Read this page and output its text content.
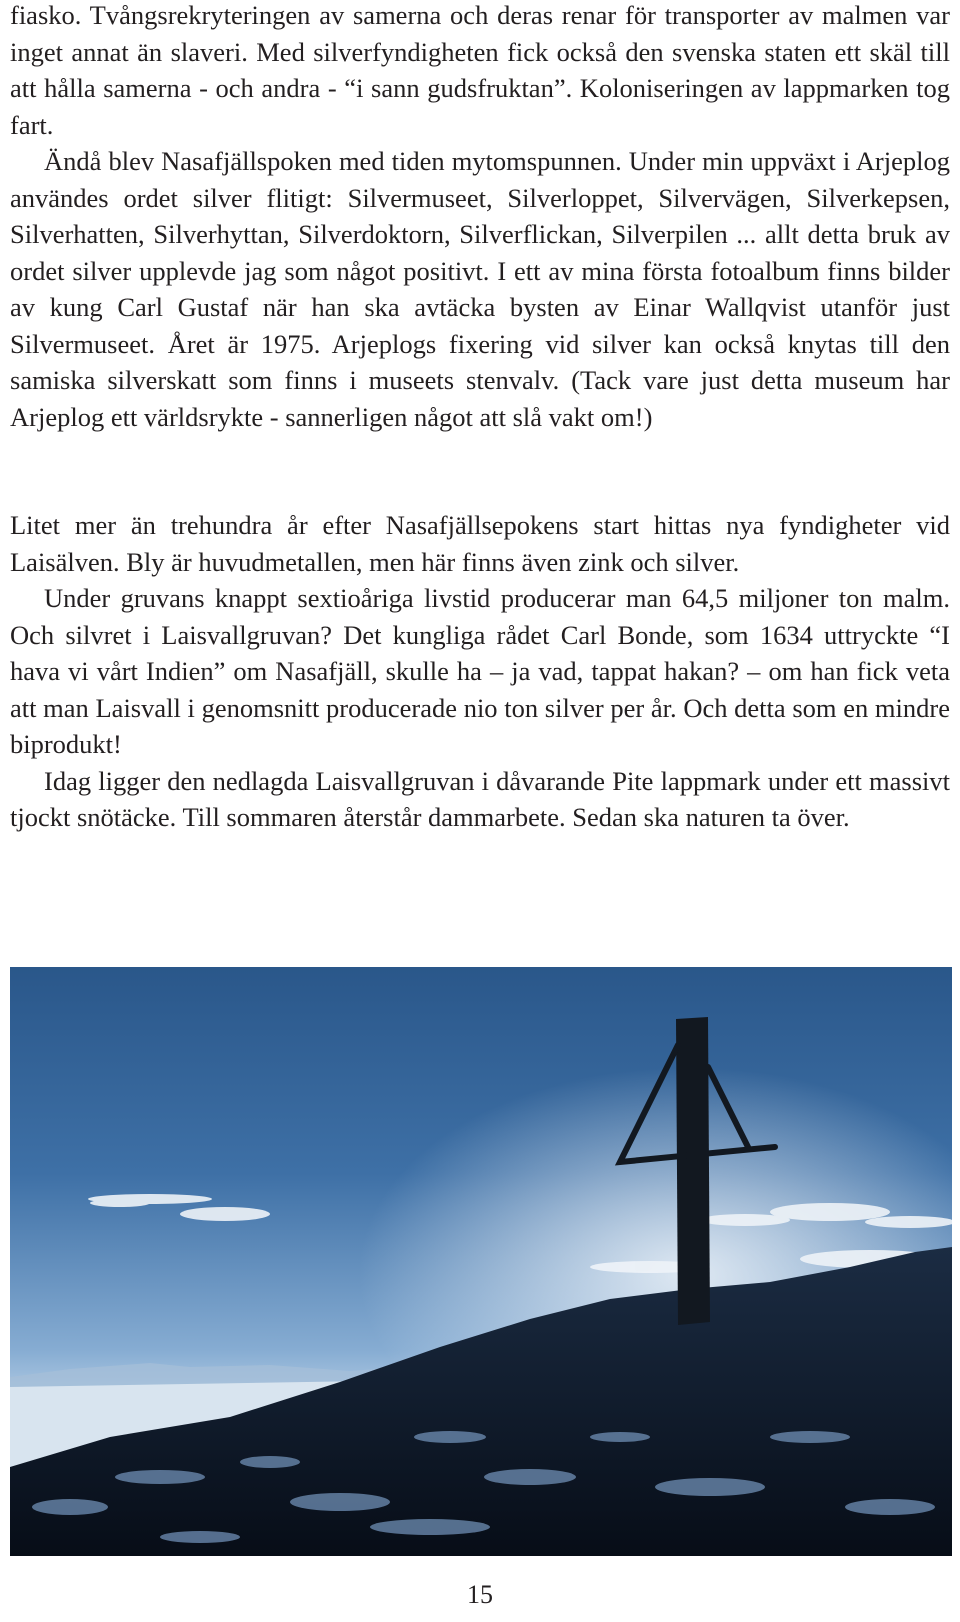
fiasko. Tvångsrekryteringen av samerna och deras renar för transporter av malmen var inget annat än slaveri. Med silverfyndigheten fick också den svenska staten ett skäl till att hålla samerna - och andra - “i sann gudsfruktan”. Koloniseringen av lappmarken tog fart.

Ändå blev Nasafjällspoken med tiden mytomspunnen. Under min uppväxt i Arjeplog användes ordet silver flitigt: Silvermuseet, Silverloppet, Silvervägen, Silverkepsen, Silverhatten, Silverhyttan, Silverdoktorn, Silverflickan, Silverpilen ... allt detta bruk av ordet silver upplevde jag som något positivt. I ett av mina första fotoalbum finns bilder av kung Carl Gustaf när han ska avtäcka bysten av Einar Wallqvist utanför just Silvermuseet. Året är 1975. Arjeplogs fixering vid silver kan också knytas till den samiska silverskatt som finns i museets stenvalv. (Tack vare just detta museum har Arjeplog ett världsrykte - sannerligen något att slå vakt om!)

Litet mer än trehundra år efter Nasafjällsepokens start hittas nya fyndigheter vid Laisälven. Bly är huvudmetallen, men här finns även zink och silver.

Under gruvans knappt sextioåriga livstid producerar man 64,5 miljoner ton malm. Och silvret i Laisvallgruvan? Det kungliga rådet Carl Bonde, som 1634 uttryckte “I hava vi vårt Indien” om Nasafjäll, skulle ha – ja vad, tappat hakan? – om han fick veta att man Laisvall i genomsnitt producerade nio ton silver per år. Och detta som en mindre biprodukt!

Idag ligger den nedlagda Laisvallgruvan i dåvarande Pite lappmark under ett massivt tjockt snötäcke. Till sommaren återstår dammarbete. Sedan ska naturen ta över.

15
